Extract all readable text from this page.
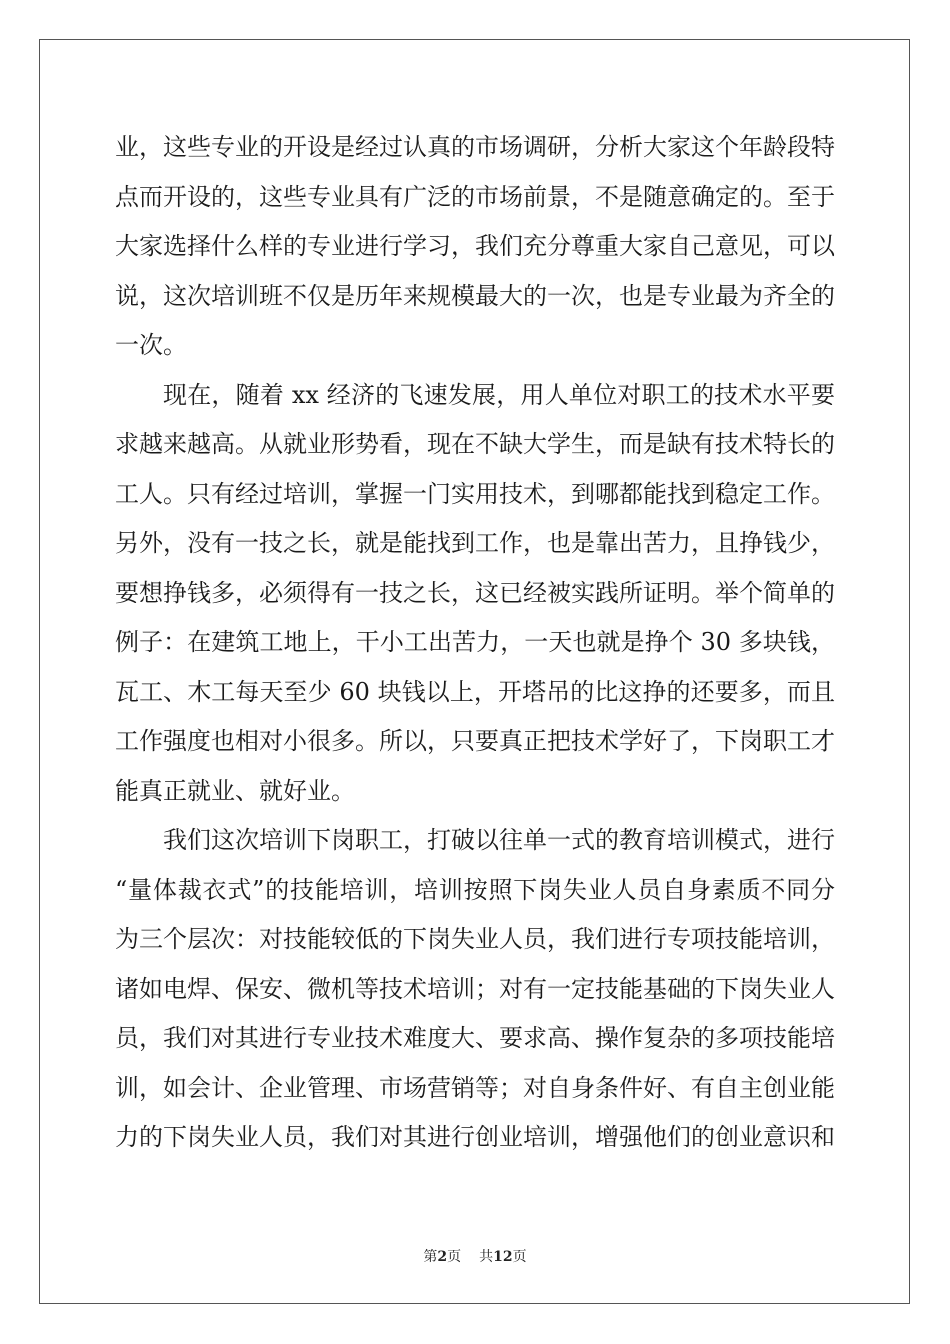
业，这些专业的开设是经过认真的市场调研，分析大家这个年龄段特
点而开设的，这些专业具有广泛的市场前景，不是随意确定的。至于
大家选择什么样的专业进行学习，我们充分尊重大家自己意见，可以
说，这次培训班不仅是历年来规模最大的一次，也是专业最为齐全的
一次。
现在，随着 xx 经济的飞速发展，用人单位对职工的技术水平要
求越来越高。从就业形势看，现在不缺大学生，而是缺有技术特长的
工人。只有经过培训，掌握一门实用技术，到哪都能找到稳定工作。
另外，没有一技之长，就是能找到工作，也是靠出苦力，且挣钱少，
要想挣钱多，必须得有一技之长，这已经被实践所证明。举个简单的
例子：在建筑工地上，干小工出苦力，一天也就是挣个 30 多块钱，
瓦工、木工每天至少 60 块钱以上，开塔吊的比这挣的还要多，而且
工作强度也相对小很多。所以，只要真正把技术学好了，下岗职工才
能真正就业、就好业。
我们这次培训下岗职工，打破以往单一式的教育培训模式，进行
“量体裁衣式”的技能培训，培训按照下岗失业人员自身素质不同分
为三个层次：对技能较低的下岗失业人员，我们进行专项技能培训，
诸如电焊、保安、微机等技术培训；对有一定技能基础的下岗失业人
员，我们对其进行专业技术难度大、要求高、操作复杂的多项技能培
训，如会计、企业管理、市场营销等；对自身条件好、有自主创业能
力的下岗失业人员，我们对其进行创业培训，增强他们的创业意识和
第2页 共12页
